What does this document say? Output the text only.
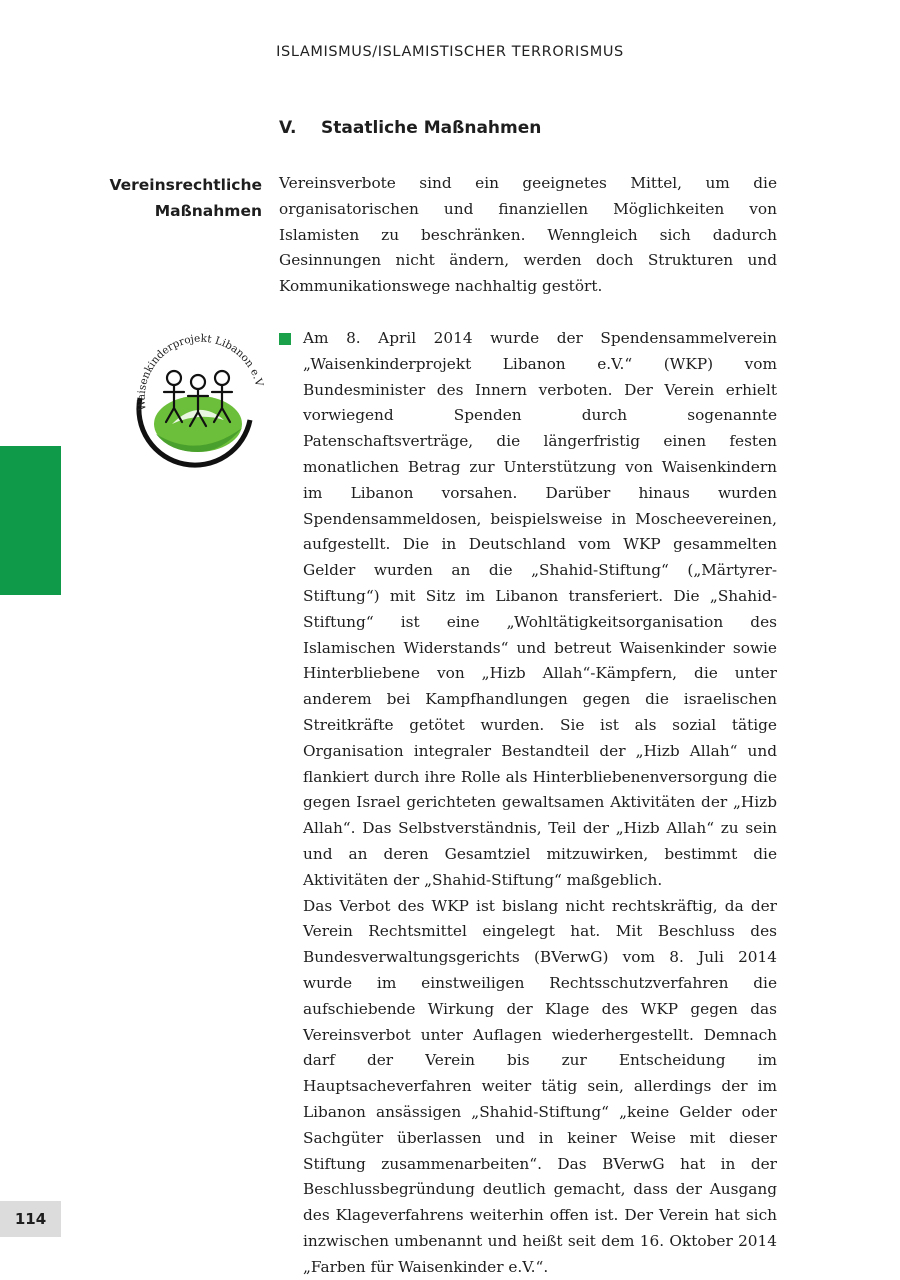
ISLAMISMUS/ISLAMISTISCHER TERRORISMUS
V. Staatliche Maßnahmen
Vereinsrechtliche
Maßnahmen
Vereinsverbote sind ein geeignetes Mittel, um die organisatorischen und finanziellen Möglichkeiten von Islamisten zu beschränken. Wenngleich sich dadurch Gesinnungen nicht ändern, werden doch Strukturen und Kommunikationswege nachhaltig gestört.
Waisenkinderprojekt Libanon e.V

Am 8. April 2014 wurde der Spendensammelverein „Waisenkinderprojekt Libanon e.V.“ (WKP) vom Bundesminister des Innern verboten. Der Verein erhielt vorwiegend Spenden durch sogenannte Patenschaftsverträge, die längerfristig einen festen monatlichen Betrag zur Unterstützung von Waisenkindern im Libanon vorsahen. Darüber hinaus wurden Spendensammeldosen, beispielsweise in Moscheevereinen, aufgestellt. Die in Deutschland vom WKP gesammelten Gelder wurden an die „Shahid-Stiftung“ („Märtyrer-Stiftung“) mit Sitz im Libanon transferiert. Die „Shahid-Stiftung“ ist eine „Wohltätigkeitsorganisation des Islamischen Widerstands“ und betreut Waisenkinder sowie Hinterbliebene von „Hizb Allah“-Kämpfern, die unter anderem bei Kampfhandlungen gegen die israelischen Streitkräfte getötet wurden. Sie ist als sozial tätige Organisation integraler Bestandteil der „Hizb Allah“ und flankiert durch ihre Rolle als Hinterbliebenenversorgung die gegen Israel gerichteten gewaltsamen Aktivitäten der „Hizb Allah“. Das Selbstverständnis, Teil der „Hizb Allah“ zu sein und an deren Gesamtziel mitzuwirken, bestimmt die Aktivitäten der „Shahid-Stiftung“ maßgeblich.

Das Verbot des WKP ist bislang nicht rechtskräftig, da der Verein Rechtsmittel eingelegt hat. Mit Beschluss des Bundesverwaltungsgerichts (BVerwG) vom 8. Juli 2014 wurde im einstweiligen Rechtsschutzverfahren die aufschiebende Wirkung der Klage des WKP gegen das Vereinsverbot unter Auflagen wiederhergestellt. Demnach darf der Verein bis zur Entscheidung im Hauptsacheverfahren weiter tätig sein, allerdings der im Libanon ansässigen „Shahid-Stiftung“ „keine Gelder oder Sachgüter überlassen und in keiner Weise mit dieser Stiftung zusammenarbeiten“. Das BVerwG hat in der Beschlussbegründung deutlich gemacht, dass der Ausgang des Klageverfahrens weiterhin offen ist. Der Verein hat sich inzwischen umbenannt und heißt seit dem 16. Oktober 2014 „Farben für Waisenkinder e.V.“.

114
